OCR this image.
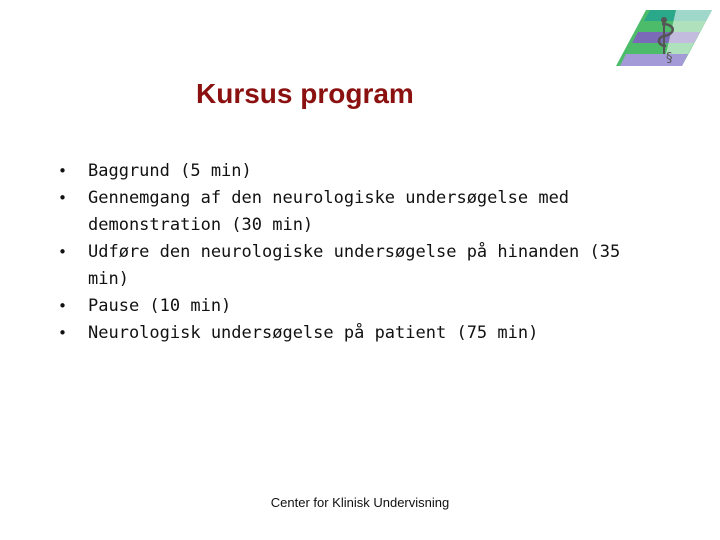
§
Kursus program
•	Baggrund (5 min)
•	Gennemgang af den neurologiske undersøgelse med demonstration (30 min)
•	Udføre den neurologiske undersøgelse på hinanden (35 min)
•	Pause (10 min)
•	Neurologisk undersøgelse på patient (75 min)
Center for Klinisk Undervisning
